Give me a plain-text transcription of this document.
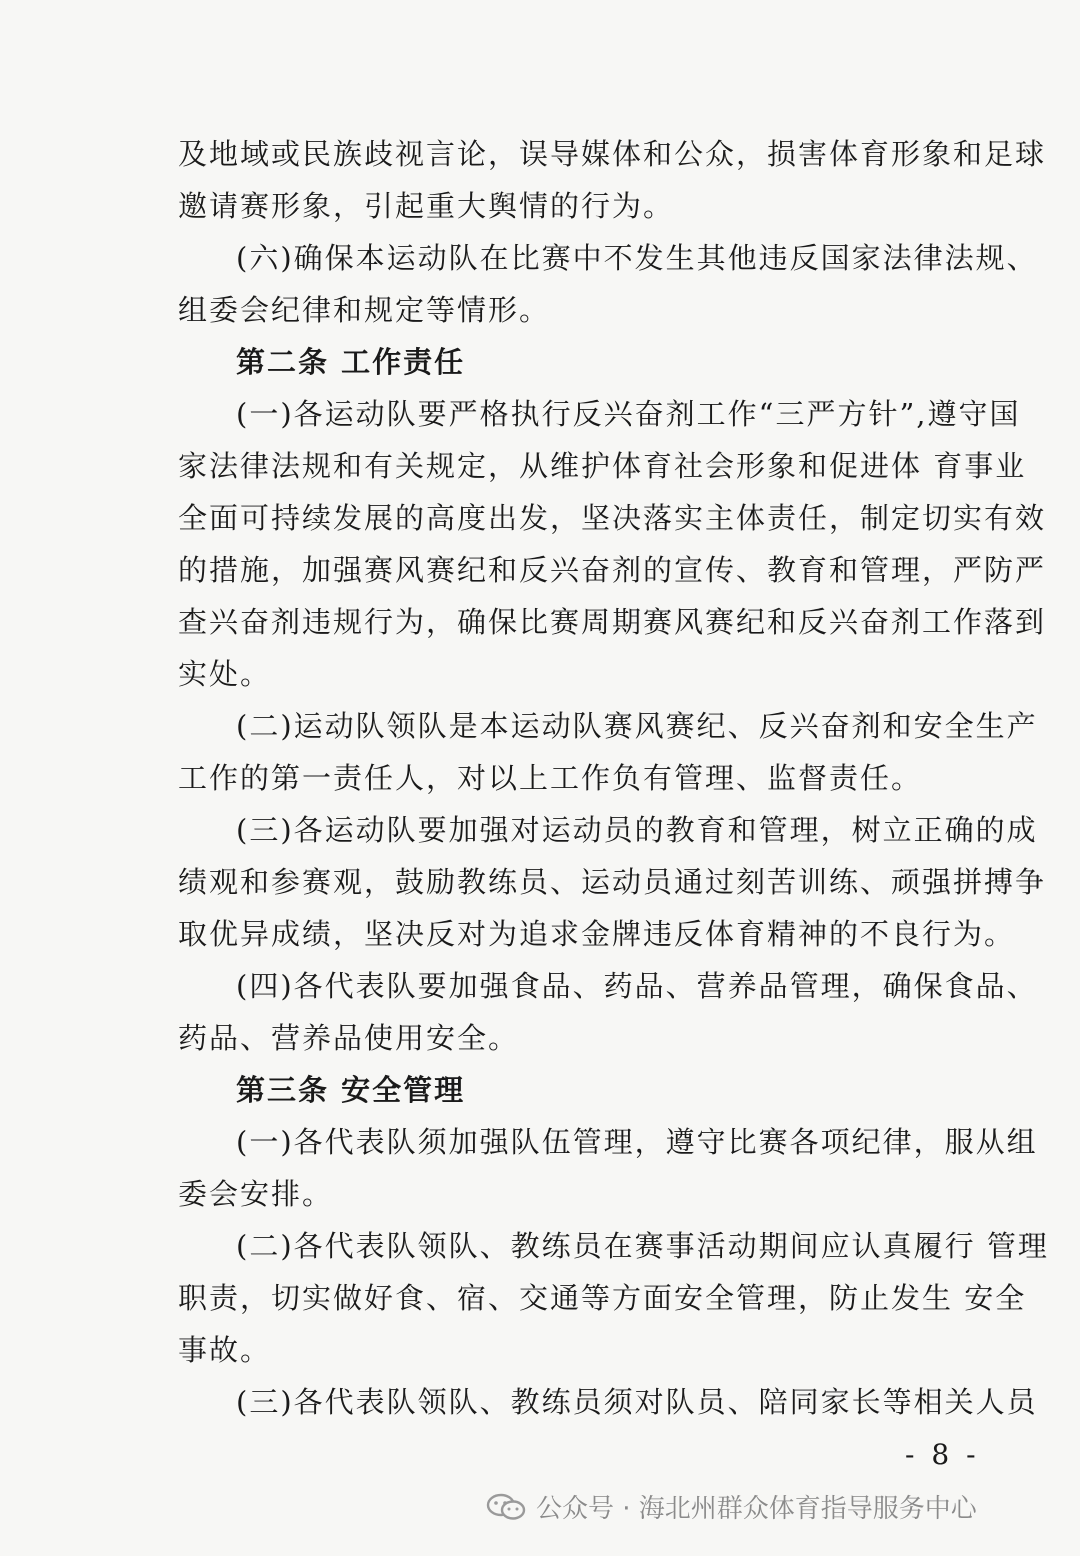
及地域或民族歧视言论，误导媒体和公众，损害体育形象和足球
邀请赛形象，引起重大舆情的行为。
(六)确保本运动队在比赛中不发生其他违反国家法律法规、
组委会纪律和规定等情形。
第二条 工作责任
(一)各运动队要严格执行反兴奋剂工作“三严方针”,遵守国
家法律法规和有关规定，从维护体育社会形象和促进体 育事业
全面可持续发展的高度出发，坚决落实主体责任，制定切实有效
的措施，加强赛风赛纪和反兴奋剂的宣传、教育和管理，严防严
查兴奋剂违规行为，确保比赛周期赛风赛纪和反兴奋剂工作落到
实处。
(二)运动队领队是本运动队赛风赛纪、反兴奋剂和安全生产
工作的第一责任人，对以上工作负有管理、监督责任。
(三)各运动队要加强对运动员的教育和管理，树立正确的成
绩观和参赛观，鼓励教练员、运动员通过刻苦训练、顽强拼搏争
取优异成绩，坚决反对为追求金牌违反体育精神的不良行为。
(四)各代表队要加强食品、药品、营养品管理，确保食品、
药品、营养品使用安全。
第三条 安全管理
(一)各代表队须加强队伍管理，遵守比赛各项纪律，服从组
委会安排。
(二)各代表队领队、教练员在赛事活动期间应认真履行 管理
职责，切实做好食、宿、交通等方面安全管理，防止发生 安全
事故。
(三)各代表队领队、教练员须对队员、陪同家长等相关人员
- 8 -
公众号 · 海北州群众体育指导服务中心
